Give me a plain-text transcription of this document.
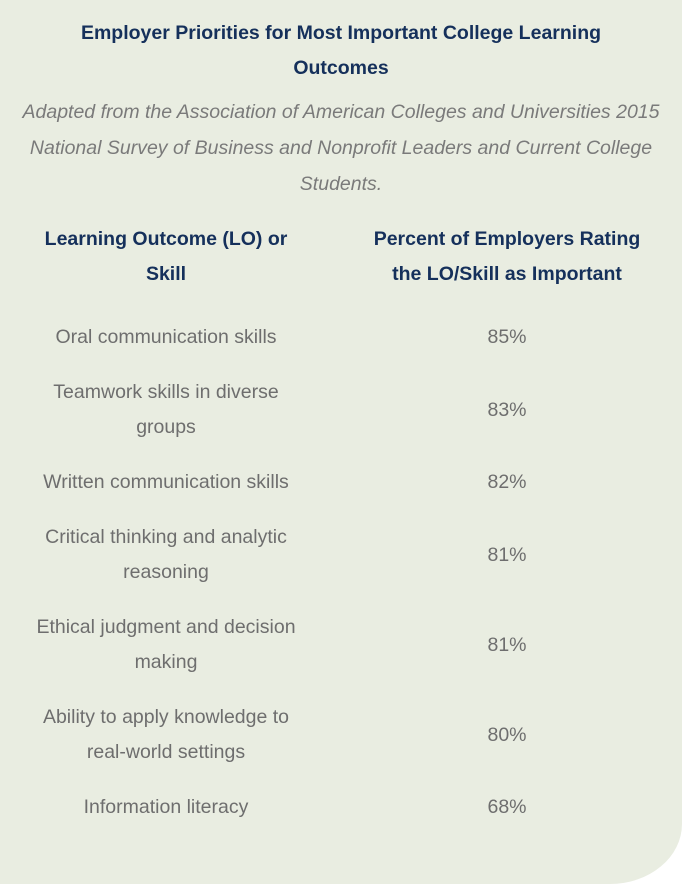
Employer Priorities for Most Important College Learning Outcomes
Adapted from the Association of American Colleges and Universities 2015 National Survey of Business and Nonprofit Leaders and Current College Students.
Learning Outcome (LO) or Skill	Percent of Employers Rating the LO/Skill as Important

Oral communication skills	85%

Teamwork skills in diverse groups	83%

Written communication skills	82%

Critical thinking and analytic reasoning	81%

Ethical judgment and decision making	81%

Ability to apply knowledge to real-world settings	80%

Information literacy	68%
